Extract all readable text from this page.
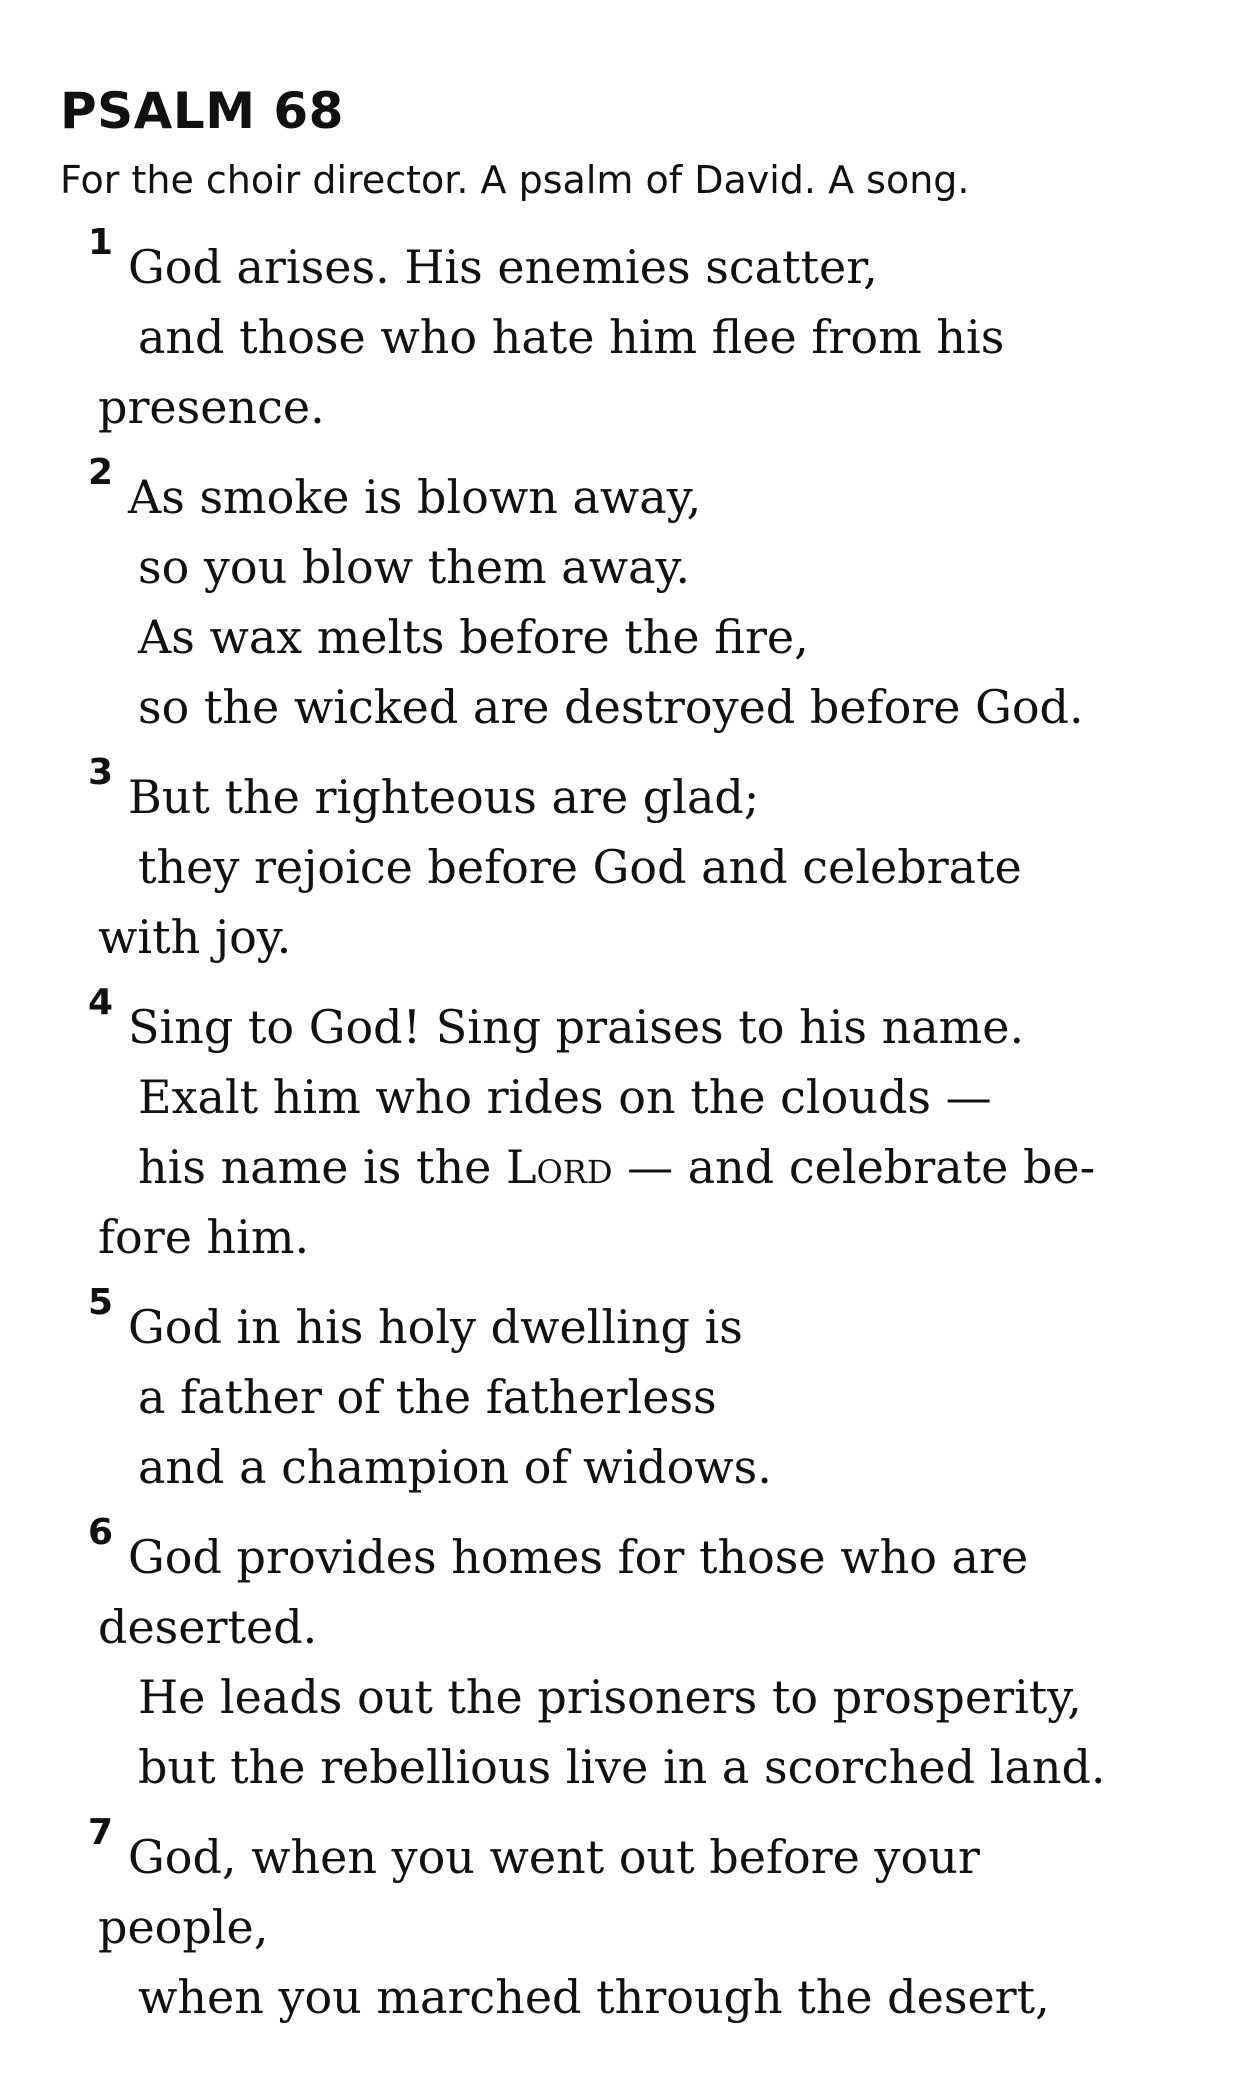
PSALM 68

For the choir director. A psalm of David. A song.

1 God arises. His enemies scatter,
and those who hate him flee from his
presence.
2 As smoke is blown away,
so you blow them away.
As wax melts before the fire,
so the wicked are destroyed before God.
3 But the righteous are glad;
they rejoice before God and celebrate
with joy.
4 Sing to God! Sing praises to his name.
Exalt him who rides on the clouds —
his name is the Lord — and celebrate be-
fore him.
5 God in his holy dwelling is
a father of the fatherless
and a champion of widows.
6 God provides homes for those who are
deserted.
He leads out the prisoners to prosperity,
but the rebellious live in a scorched land.
7 God, when you went out before your
people,
when you marched through the desert,
